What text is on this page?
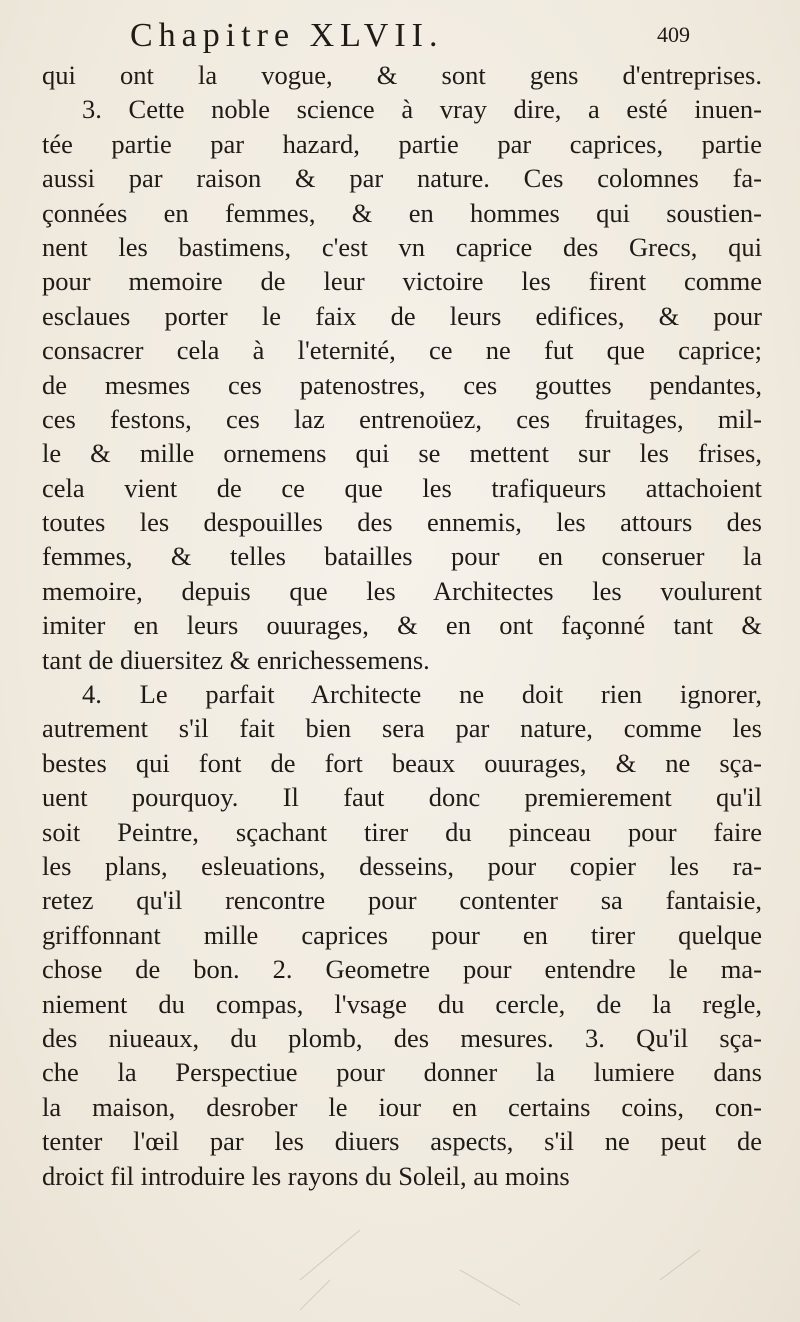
Chapitre XLVII.	409
qui ont la vogue, & sont gens d'entreprises.
3. Cette noble science à vray dire, a esté inuen-
tée partie par hazard, partie par caprices, partie
aussi par raison & par nature. Ces colomnes fa-
çonnées en femmes, & en hommes qui soustien-
nent les bastimens, c'est vn caprice des Grecs, qui
pour memoire de leur victoire les firent comme
esclaues porter le faix de leurs edifices, & pour
consacrer cela à l'eternité, ce ne fut que caprice;
de mesmes ces patenostres, ces gouttes pendantes,
ces festons, ces laz entrenoüez, ces fruitages, mil-
le & mille ornemens qui se mettent sur les frises,
cela vient de ce que les trafiqueurs attachoient
toutes les despouilles des ennemis, les attours des
femmes, & telles batailles pour en conseruer la
memoire, depuis que les Architectes les voulurent
imiter en leurs ouurages, & en ont façonné tant &
tant de diuersitez & enrichessemens.
4. Le parfait Architecte ne doit rien ignorer,
autrement s'il fait bien sera par nature, comme les
bestes qui font de fort beaux ouurages, & ne sça-
uent pourquoy. Il faut donc premierement qu'il
soit Peintre, sçachant tirer du pinceau pour faire
les plans, esleuations, desseins, pour copier les ra-
retez qu'il rencontre pour contenter sa fantaisie,
griffonnant mille caprices pour en tirer quelque
chose de bon. 2. Geometre pour entendre le ma-
niement du compas, l'vsage du cercle, de la regle,
des niueaux, du plomb, des mesures. 3. Qu'il sça-
che la Perspectiue pour donner la lumiere dans
la maison, desrober le iour en certains coins, con-
tenter l'œil par les diuers aspects, s'il ne peut de
droict fil introduire les rayons du Soleil, au moins
